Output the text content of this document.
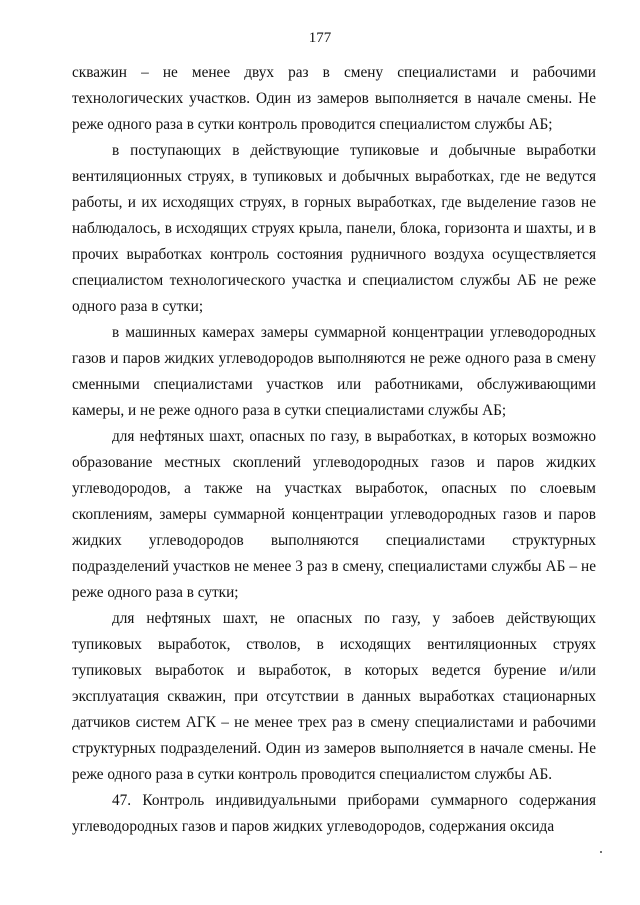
177

скважин – не менее двух раз в смену специалистами и рабочими технологических участков. Один из замеров выполняется в начале смены. Не реже одного раза в сутки контроль проводится специалистом службы АБ;

в поступающих в действующие тупиковые и добычные выработки вентиляционных струях, в тупиковых и добычных выработках, где не ведутся работы, и их исходящих струях, в горных выработках, где выделение газов не наблюдалось, в исходящих струях крыла, панели, блока, горизонта и шахты, и в прочих выработках контроль состояния рудничного воздуха осуществляется специалистом технологического участка и специалистом службы АБ не реже одного раза в сутки;

в машинных камерах замеры суммарной концентрации углеводородных газов и паров жидких углеводородов выполняются не реже одного раза в смену сменными специалистами участков или работниками, обслуживающими камеры, и не реже одного раза в сутки специалистами службы АБ;

для нефтяных шахт, опасных по газу, в выработках, в которых возможно образование местных скоплений углеводородных газов и паров жидких углеводородов, а также на участках выработок, опасных по слоевым скоплениям, замеры суммарной концентрации углеводородных газов и паров жидких углеводородов выполняются специалистами структурных подразделений участков не менее 3 раз в смену, специалистами службы АБ – не реже одного раза в сутки;

для нефтяных шахт, не опасных по газу, у забоев действующих тупиковых выработок, стволов, в исходящих вентиляционных струях тупиковых выработок и выработок, в которых ведется бурение и/или эксплуатация скважин, при отсутствии в данных выработках стационарных датчиков систем АГК – не менее трех раз в смену специалистами и рабочими структурных подразделений. Один из замеров выполняется в начале смены. Не реже одного раза в сутки контроль проводится специалистом службы АБ.

47. Контроль индивидуальными приборами суммарного содержания углеводородных газов и паров жидких углеводородов, содержания оксида
